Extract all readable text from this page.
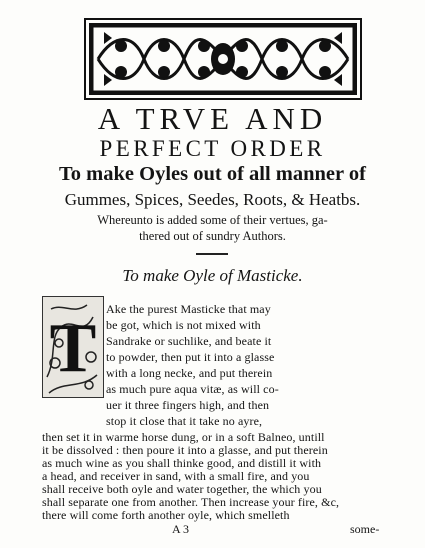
A TRVE AND
PERFECT ORDER
To make Oyles out of all manner of
Gummes, Spices, Seedes, Roots, & Heatbs.
Whereunto is added some of their vertues, ga-
thered out of sundry Authors.
To make Oyle of Masticke.
T
Ake the purest Masticke that may
be got, which is not mixed with
Sandrake or suchlike, and beate it
to powder, then put it into a glasse
with a long necke, and put therein
as much pure aqua vitæ, as will co-
uer it three fingers high, and then
stop it close that it take no ayre,
then set it in warme horse dung, or in a soft Balneo, untill
it be dissolved : then poure it into a glasse, and put therein
as much wine as you shall thinke good, and distill it with
a head, and receiver in sand, with a small fire, and you
shall receive both oyle and water together, the which you
shall separate one from another. Then increase your fire, &c,
A 3	some-
there will come forth another oyle, which smelleth
